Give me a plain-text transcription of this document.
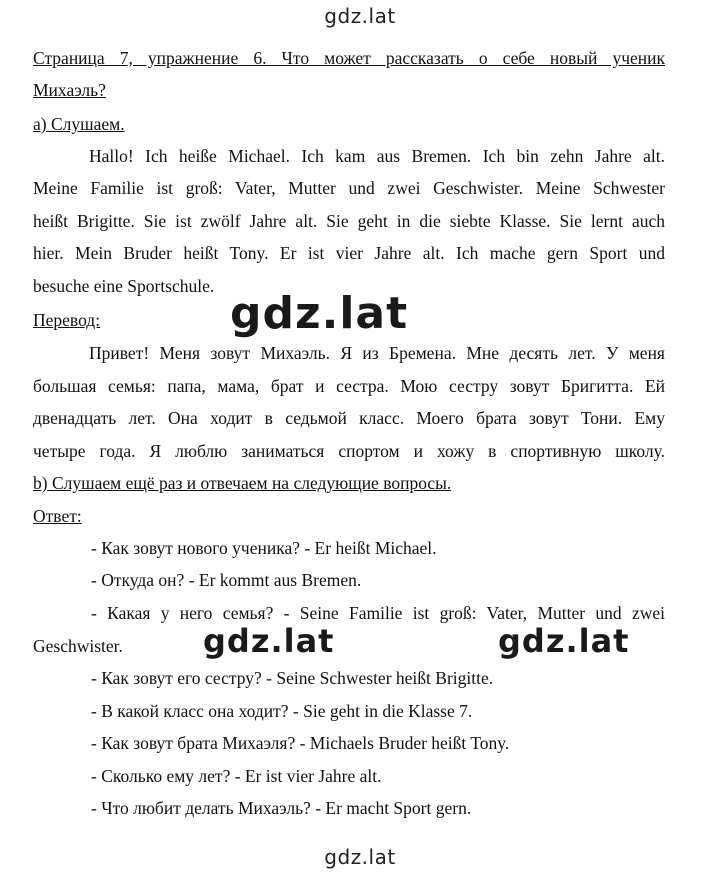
gdz.lat
Страница 7, упражнение 6. Что может рассказать о себе новый ученик
Михаэль?
a) Слушаем.
Hallo! Ich heiße Michael. Ich kam aus Bremen. Ich bin zehn Jahre alt.
Meine Familie ist groß: Vater, Mutter und zwei Geschwister. Meine Schwester
heißt Brigitte. Sie ist zwölf Jahre alt. Sie geht in die siebte Klasse. Sie lernt auch
hier. Mein Bruder heißt Tony. Er ist vier Jahre alt. Ich mache gern Sport und
besuche eine Sportschule.
Перевод:
Привет! Меня зовут Михаэль. Я из Бремена. Мне десять лет. У меня
большая семья: папа, мама, брат и сестра. Мою сестру зовут Бригитта. Ей
двенадцать лет. Она ходит в седьмой класс. Моего брата зовут Тони. Ему
четыре года. Я люблю заниматься спортом и хожу в спортивную школу.
b) Слушаем ещё раз и отвечаем на следующие вопросы.
Ответ:
- Как зовут нового ученика? - Er heißt Michael.
- Откуда он? - Er kommt aus Bremen.
- Какая у него семья? - Seine Familie ist groß: Vater, Mutter und zwei
Geschwister.
- Как зовут его сестру? - Seine Schwester heißt Brigitte.
- В какой класс она ходит? - Sie geht in die Klasse 7.
- Как зовут брата Михаэля? - Michaels Bruder heißt Tony.
- Сколько ему лет? - Er ist vier Jahre alt.
- Что любит делать Михаэль? - Er macht Sport gern.
gdz.lat
gdz.lat	gdz.lat
gdz.lat
